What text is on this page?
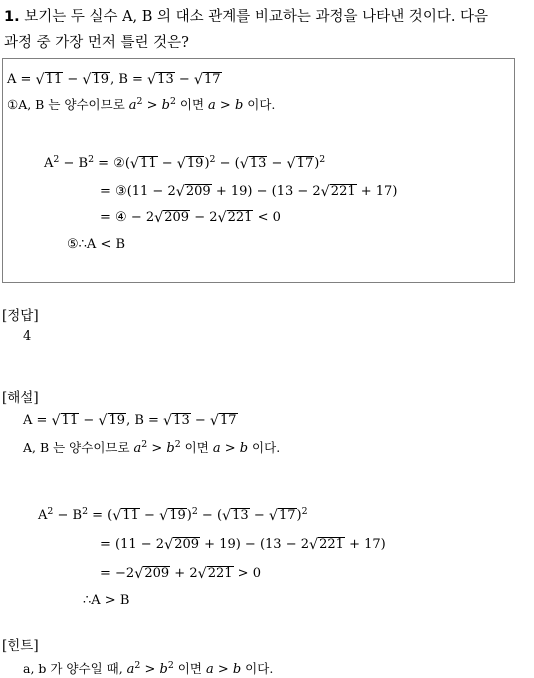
1. 보기는 두 실수 A, B 의 대소 관계를 비교하는 과정을 나타낸 것이다. 다음
과정 중 가장 먼저 틀린 것은?
A = √11 − √19, B = √13 − √17
①A, B 는 양수이므로 $a^2 > b^2$ 이면 a > b 이다.
$A^2 - B^2$ = ②(√11 − $√19)^2 - (√13 - √17)^2$
= ③(11 − 2√209 + 19) − (13 − 2√221 + 17)
= ④ − 2√209 − 2√221 < 0
⑤∴A < B
[정답]
4
[해설]
A = √11 − √19, B = √13 − √17
A, B 는 양수이므로 $a^2 > b^2$ 이면 a > b 이다.
$A^2 - B^2 = (√11 - √19)^2 - (√13 - √17)^2$
= (11 − 2√209 + 19) − (13 − 2√221 + 17)
= −2√209 + 2√221 > 0
∴A > B
[힌트]
a, b 가 양수일 때, $a^2 > b^2$ 이면 a > b 이다.
